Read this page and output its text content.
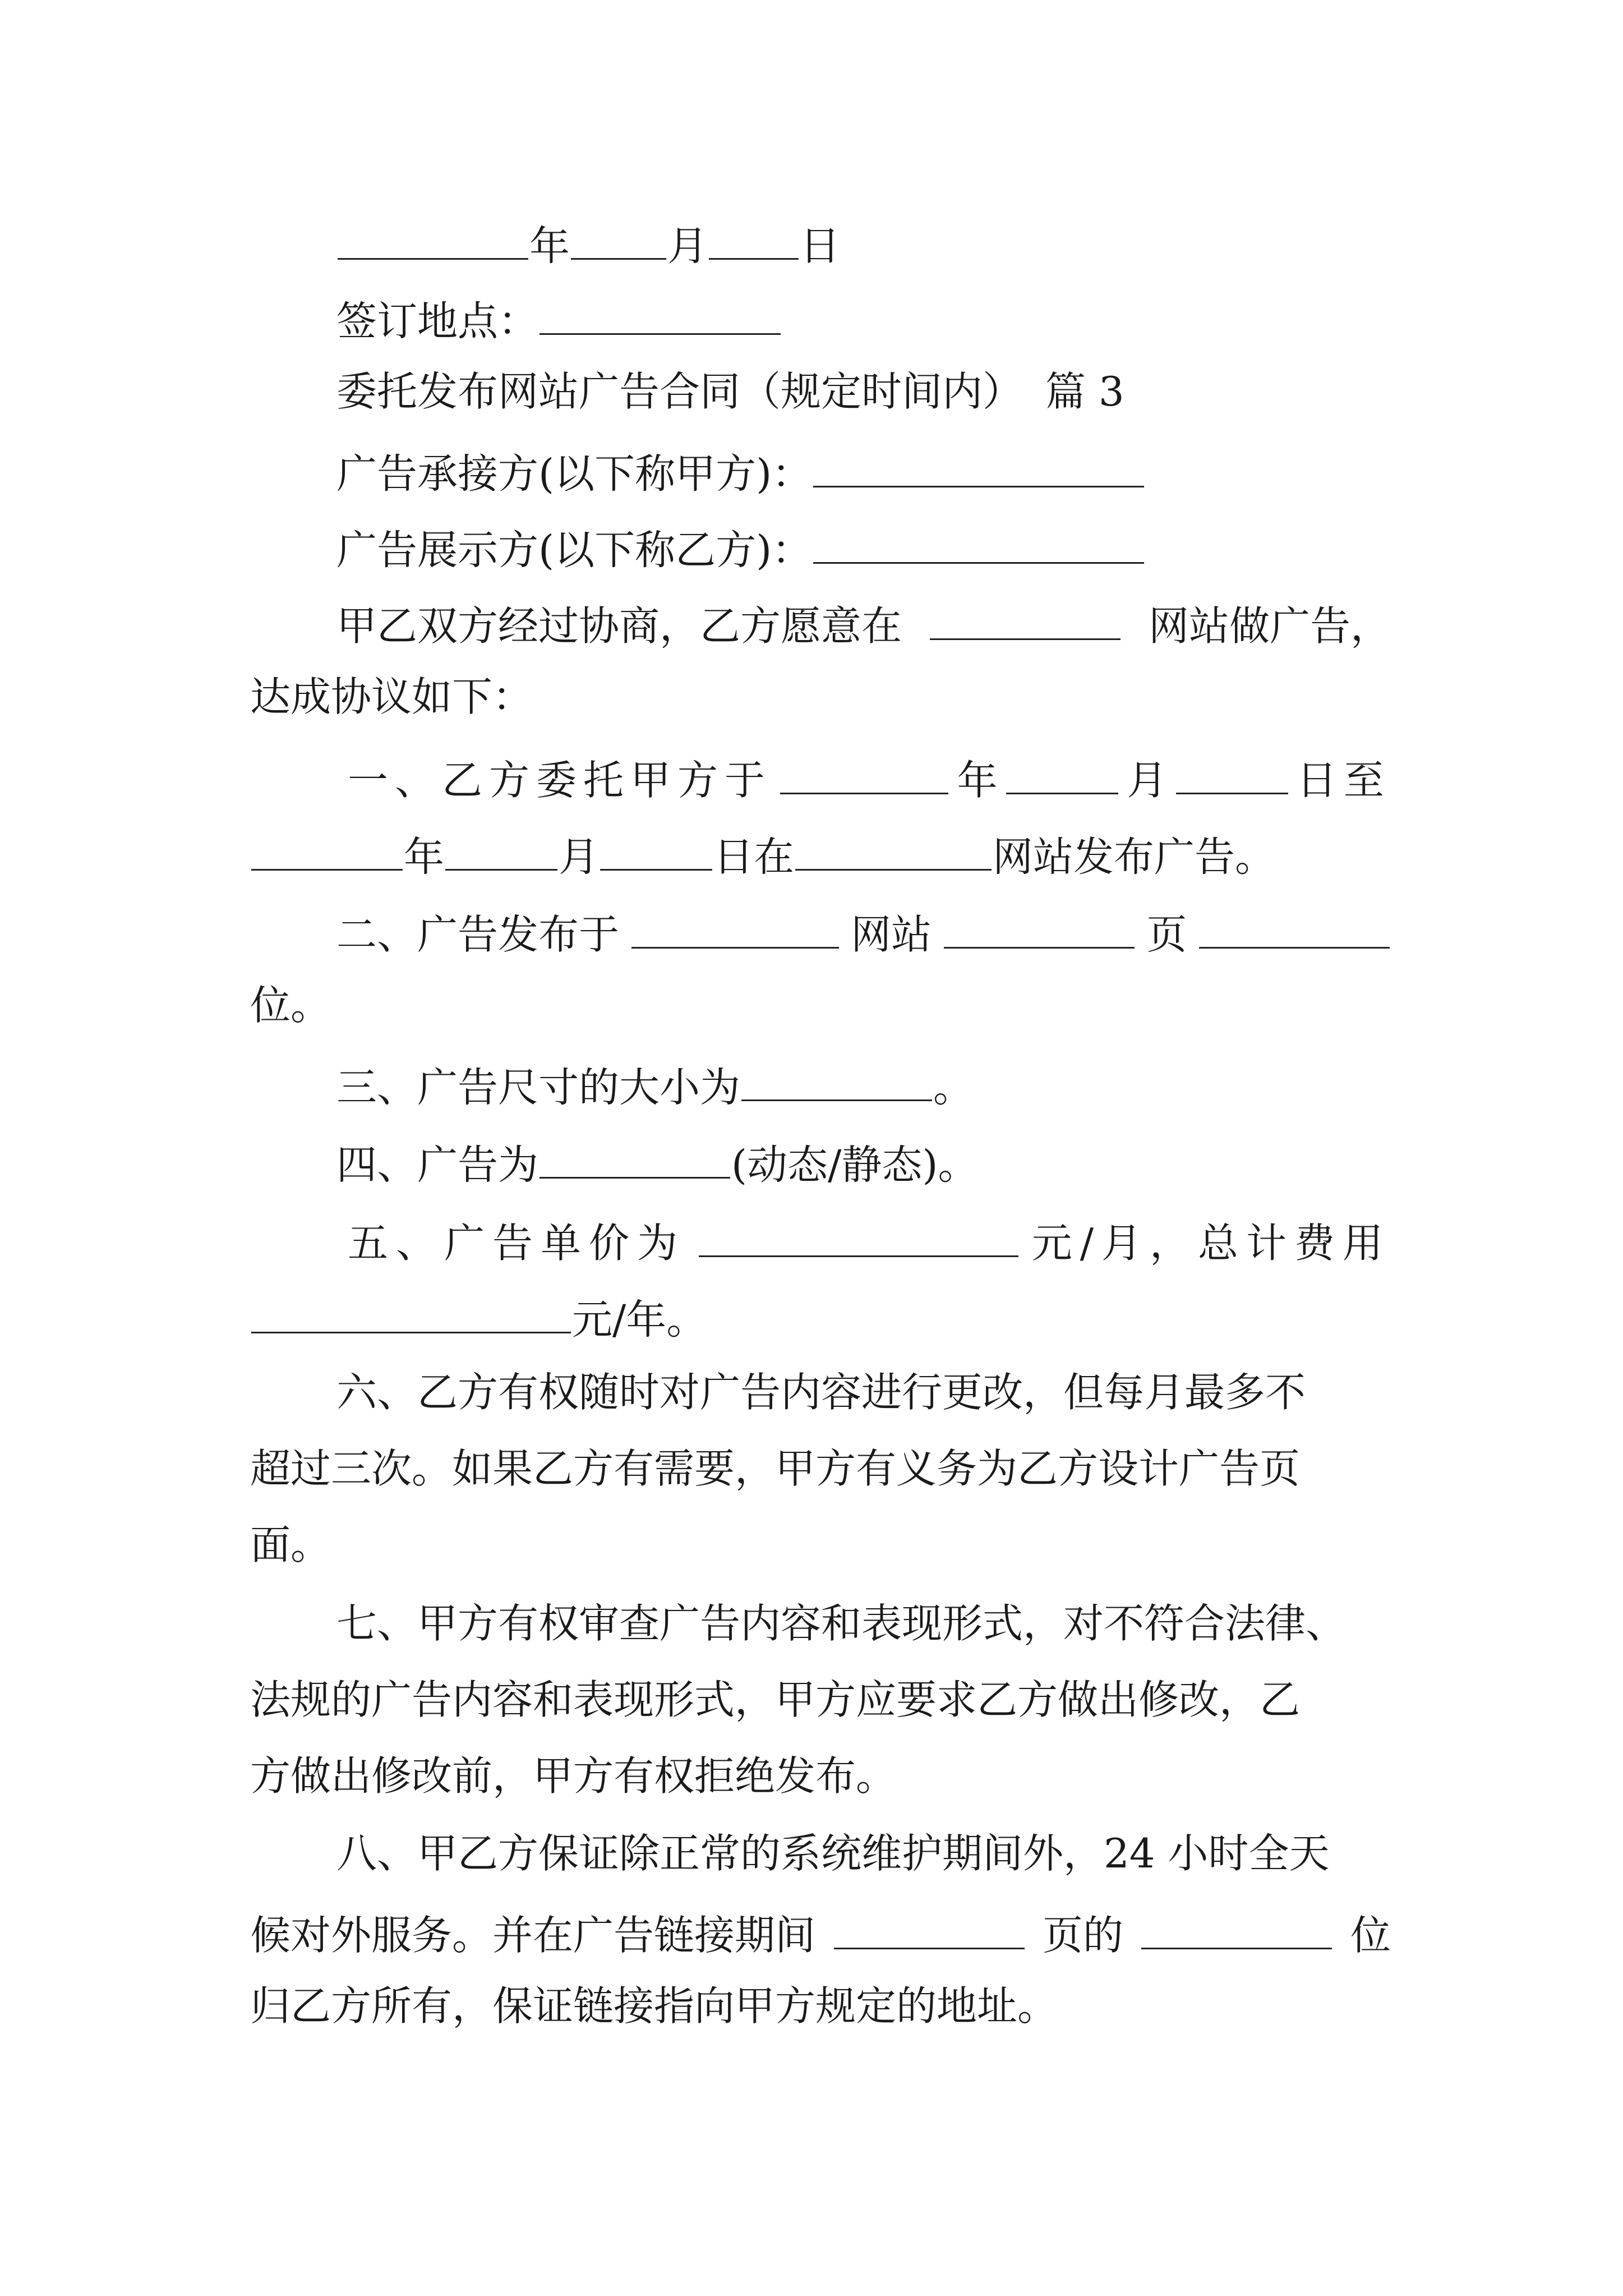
年 月 日
签订地点：
委托发布网站广告合同（规定时间内） 篇 3
广告承接方(以下称甲方)：
广告展示方(以下称乙方)：
甲乙双方经过协商，乙方愿意在	网站做广告，
达成协议如下：
一、乙方委托甲方于	年	月	日至
年	月	日在	网站发布广告。
二、广告发布于	网站	页
位。
三、广告尺寸的大小为	。
四、广告为	(动态/静态)。
五、广告单价为	元/月，总计费用
元/年。
六、乙方有权随时对广告内容进行更改，但每月最多不
超过三次。如果乙方有需要，甲方有义务为乙方设计广告页
面。
七、甲方有权审查广告内容和表现形式，对不符合法律、
法规的广告内容和表现形式，甲方应要求乙方做出修改，乙
方做出修改前，甲方有权拒绝发布。
八、甲乙方保证除正常的系统维护期间外，24 小时全天
候对外服务。并在广告链接期间	页的	位
归乙方所有，保证链接指向甲方规定的地址。
